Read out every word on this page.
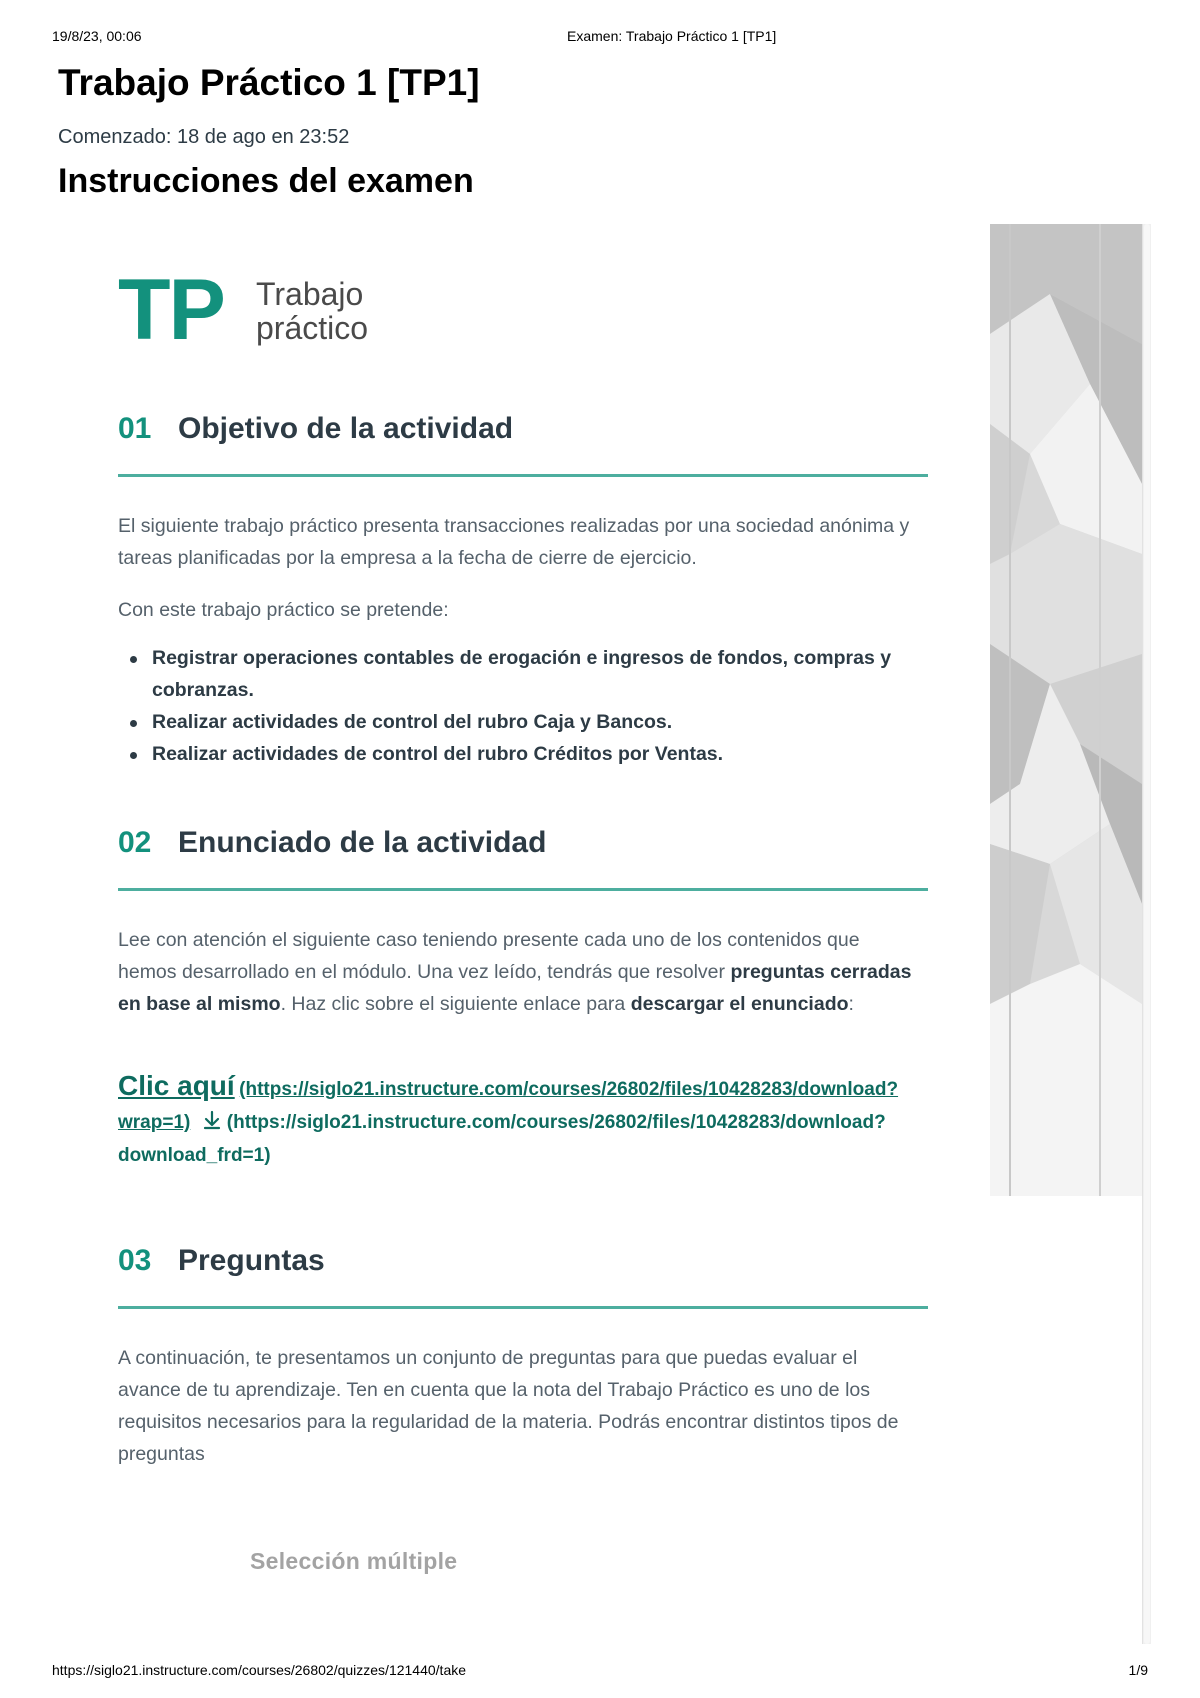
19/8/23, 00:06	Examen: Trabajo Práctico 1 [TP1]
Trabajo Práctico 1 [TP1]
Comenzado: 18 de ago en 23:52
Instrucciones del examen
TP Trabajo
práctico
01 Objetivo de la actividad

El siguiente trabajo práctico presenta transacciones realizadas por una sociedad anónima y tareas planificadas por la empresa a la fecha de cierre de ejercicio.

Con este trabajo práctico se pretende:

Registrar operaciones contables de erogación e ingresos de fondos, compras y cobranzas.
Realizar actividades de control del rubro Caja y Bancos.
Realizar actividades de control del rubro Créditos por Ventas.
02 Enunciado de la actividad

Lee con atención el siguiente caso teniendo presente cada uno de los contenidos que hemos desarrollado en el módulo. Una vez leído, tendrás que resolver preguntas cerradas en base al mismo. Haz clic sobre el siguiente enlace para descargar el enunciado:

Clic aquí (https://siglo21.instructure.com/courses/26802/files/10428283/download?wrap=1) (https://siglo21.instructure.com/courses/26802/files/10428283/download?download_frd=1)
03 Preguntas

A continuación, te presentamos un conjunto de preguntas para que puedas evaluar el avance de tu aprendizaje. Ten en cuenta que la nota del Trabajo Práctico es uno de los requisitos necesarios para la regularidad de la materia. Podrás encontrar distintos tipos de preguntas

Selección múltiple
https://siglo21.instructure.com/courses/26802/quizzes/121440/take	1/9
